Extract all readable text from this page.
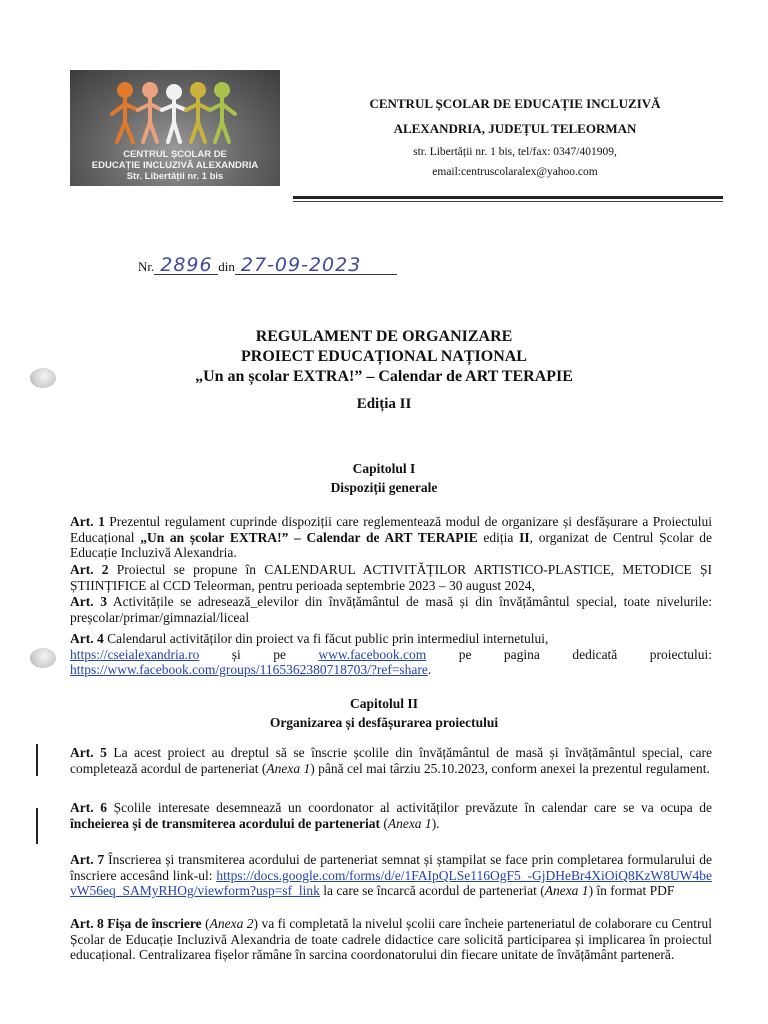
CENTRUL ȘCOLAR DE
EDUCAȚIE INCLUZIVĂ ALEXANDRIA
Str. Libertății nr. 1 bis
CENTRUL ȘCOLAR DE EDUCAȚIE INCLUZIVĂ
ALEXANDRIA, JUDEȚUL TELEORMAN
str. Libertății nr. 1 bis, tel/fax: 0347/401909,
email:centruscolaralex@yahoo.com
Nr. 2896 din 27-09-2023
REGULAMENT DE ORGANIZARE
PROIECT EDUCAȚIONAL NAȚIONAL
„Un an școlar EXTRA!” – Calendar de ART TERAPIE
Ediția II
Capitolul I
Dispoziții generale
Art. 1 Prezentul regulament cuprinde dispoziții care reglementează modul de organizare și desfășurare a Proiectului Educațional „Un an școlar EXTRA!” – Calendar de ART TERAPIE ediția II, organizat de Centrul Școlar de Educație Incluzivă Alexandria.
Art. 2 Proiectul se propune în CALENDARUL ACTIVITĂȚILOR ARTISTICO-PLASTICE, METODICE ȘI ȘTIINȚIFICE al CCD Teleorman, pentru perioada septembrie 2023 – 30 august 2024,
Art. 3 Activitățile se adresează_elevilor din învățământul de masă și din învățământul special, toate nivelurile: preșcolar/primar/gimnazial/liceal
Art. 4 Calendarul activităților din proiect va fi făcut public prin intermediul internetului,
https://cseialexandria.ro și pe www.facebook.com pe pagina dedicată proiectului:
https://www.facebook.com/groups/1165362380718703/?ref=share.
Capitolul II
Organizarea și desfășurarea proiectului
Art. 5 La acest proiect au dreptul să se înscrie școlile din învățământul de masă și învățământul special, care completează acordul de parteneriat (Anexa 1) până cel mai târziu 25.10.2023, conform anexei la prezentul regulament.
Art. 6 Școlile interesate desemnează un coordonator al activităților prevăzute în calendar care se va ocupa de încheierea și de transmiterea acordului de parteneriat (Anexa 1).
Art. 7 Înscrierea și transmiterea acordului de parteneriat semnat și ștampilat se face prin completarea formularului de înscriere accesând link-ul: https://docs.google.com/forms/d/e/1FAIpQLSe116OgF5_-GjDHeBr4XiOiQ8KzW8UW4bevW56eq_SAMyRHOg/viewform?usp=sf_link la care se încarcă acordul de parteneriat (Anexa 1) în format PDF
Art. 8 Fișa de înscriere (Anexa 2) va fi completată la nivelul școlii care încheie parteneriatul de colaborare cu Centrul Școlar de Educație Incluzivă Alexandria de toate cadrele didactice care solicită participarea și implicarea în proiectul educațional. Centralizarea fișelor rămâne în sarcina coordonatorului din fiecare unitate de învățământ parteneră.
